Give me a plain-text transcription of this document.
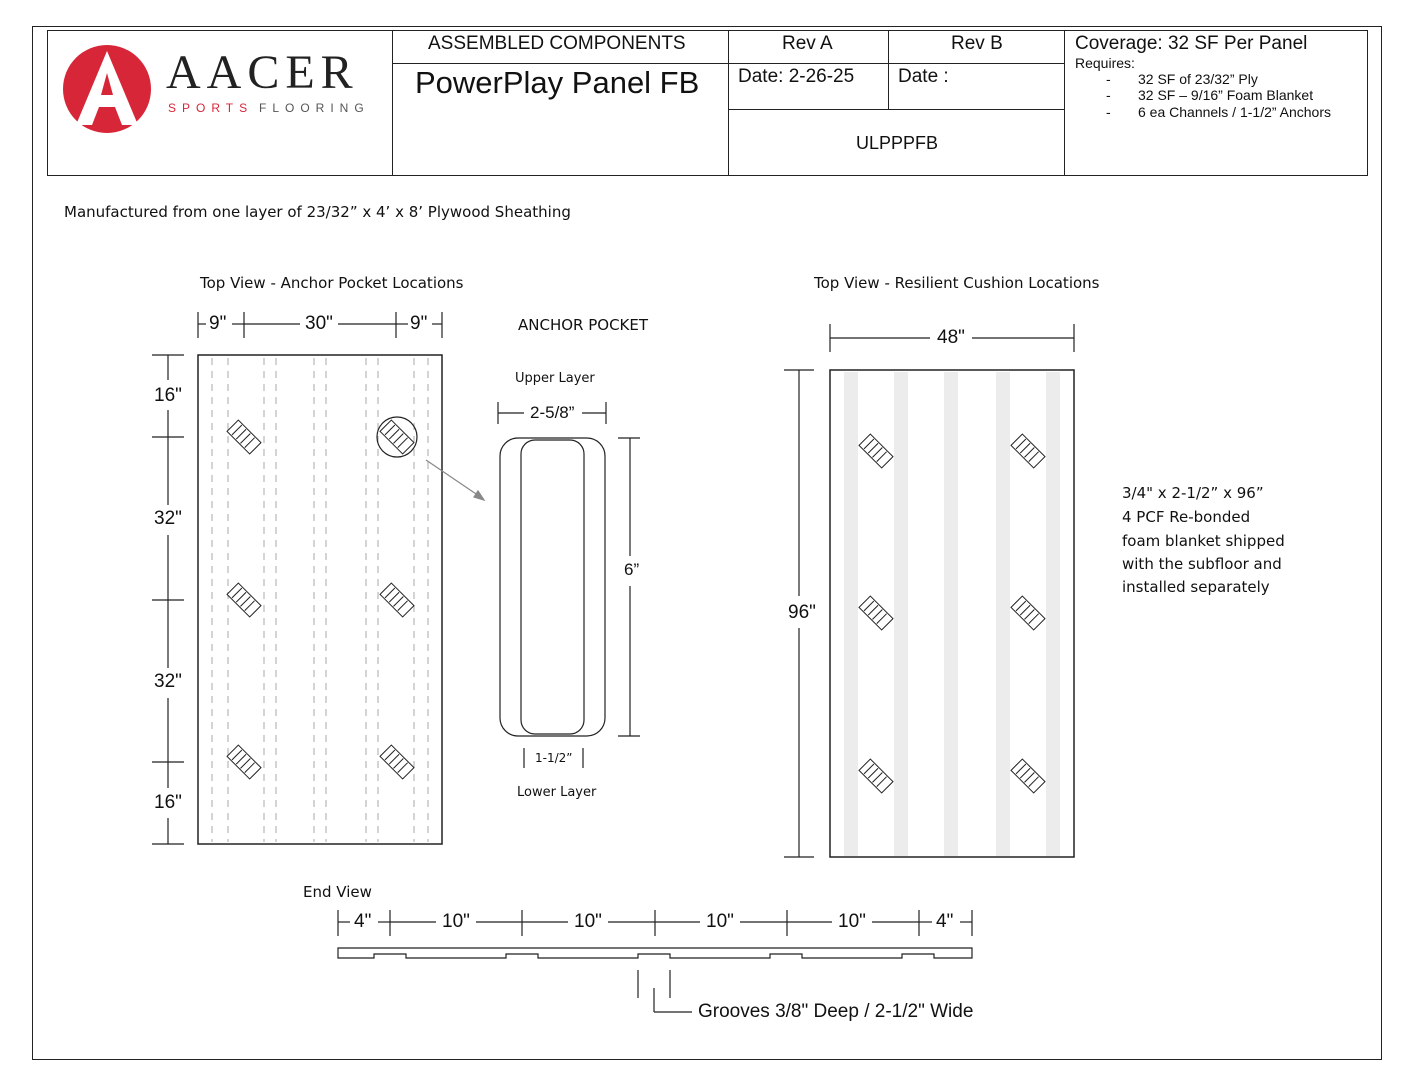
AACER
SPORTS FLOORING
ASSEMBLED COMPONENTS
PowerPlay Panel FB
Rev A	Rev B
Date: 2-26-25 Date :
ULPPPFB
Coverage: 32 SF Per Panel
Requires:
- 32 SF of 23/32” Ply
- 32 SF – 9/16” Foam Blanket
- 6 ea Channels / 1-1/2” Anchors
Manufactured from one layer of 23/32” x 4’ x 8’ Plywood Sheathing
Top View - Anchor Pocket Locations
9"	30"	9"
16"
32"
32"
16"
ANCHOR POCKET
Upper Layer
2-5/8”
6”
1-1/2”
Lower Layer
Top View - Resilient Cushion Locations
48"
96"
3/4" x 2-1/2” x 96”
4 PCF Re-bonded
foam blanket shipped
with the subfloor and
installed separately
End View
4"	10"	10"	10"	10"	4"
Grooves 3/8" Deep / 2-1/2" Wide
